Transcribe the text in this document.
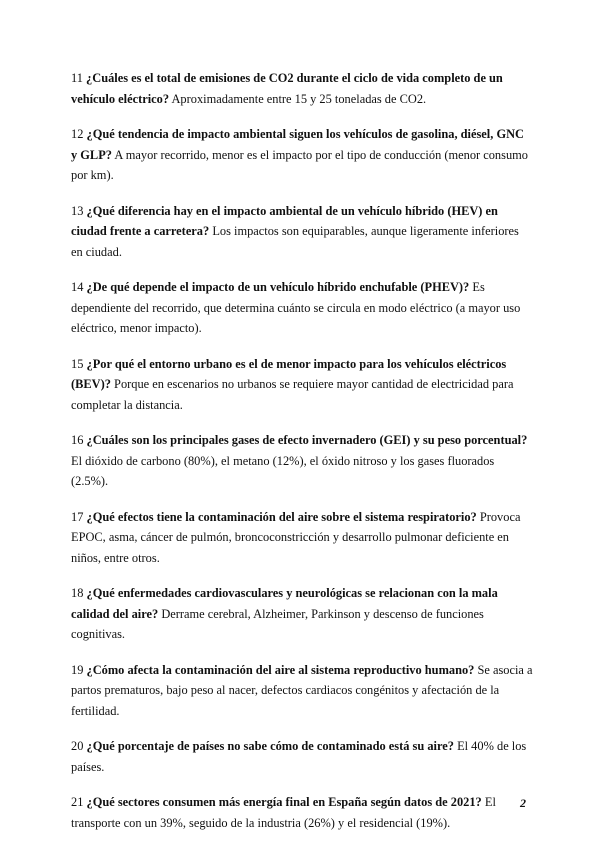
11 ¿Cuáles es el total de emisiones de CO2 durante el ciclo de vida completo de un vehículo eléctrico? Aproximadamente entre 15 y 25 toneladas de CO2.

12 ¿Qué tendencia de impacto ambiental siguen los vehículos de gasolina, diésel, GNC y GLP? A mayor recorrido, menor es el impacto por el tipo de conducción (menor consumo por km).

13 ¿Qué diferencia hay en el impacto ambiental de un vehículo híbrido (HEV) en ciudad frente a carretera? Los impactos son equiparables, aunque ligeramente inferiores en ciudad.

14 ¿De qué depende el impacto de un vehículo híbrido enchufable (PHEV)? Es dependiente del recorrido, que determina cuánto se circula en modo eléctrico (a mayor uso eléctrico, menor impacto).

15 ¿Por qué el entorno urbano es el de menor impacto para los vehículos eléctricos (BEV)? Porque en escenarios no urbanos se requiere mayor cantidad de electricidad para completar la distancia.

16 ¿Cuáles son los principales gases de efecto invernadero (GEI) y su peso porcentual? El dióxido de carbono (80%), el metano (12%), el óxido nitroso y los gases fluorados (2.5%).

17 ¿Qué efectos tiene la contaminación del aire sobre el sistema respiratorio? Provoca EPOC, asma, cáncer de pulmón, broncoconstricción y desarrollo pulmonar deficiente en niños, entre otros.

18 ¿Qué enfermedades cardiovasculares y neurológicas se relacionan con la mala calidad del aire? Derrame cerebral, Alzheimer, Parkinson y descenso de funciones cognitivas.

19 ¿Cómo afecta la contaminación del aire al sistema reproductivo humano? Se asocia a partos prematuros, bajo peso al nacer, defectos cardiacos congénitos y afectación de la fertilidad.

20 ¿Qué porcentaje de países no sabe cómo de contaminado está su aire? El 40% de los países.

21 ¿Qué sectores consumen más energía final en España según datos de 2021? El transporte con un 39%, seguido de la industria (26%) y el residencial (19%).

2
